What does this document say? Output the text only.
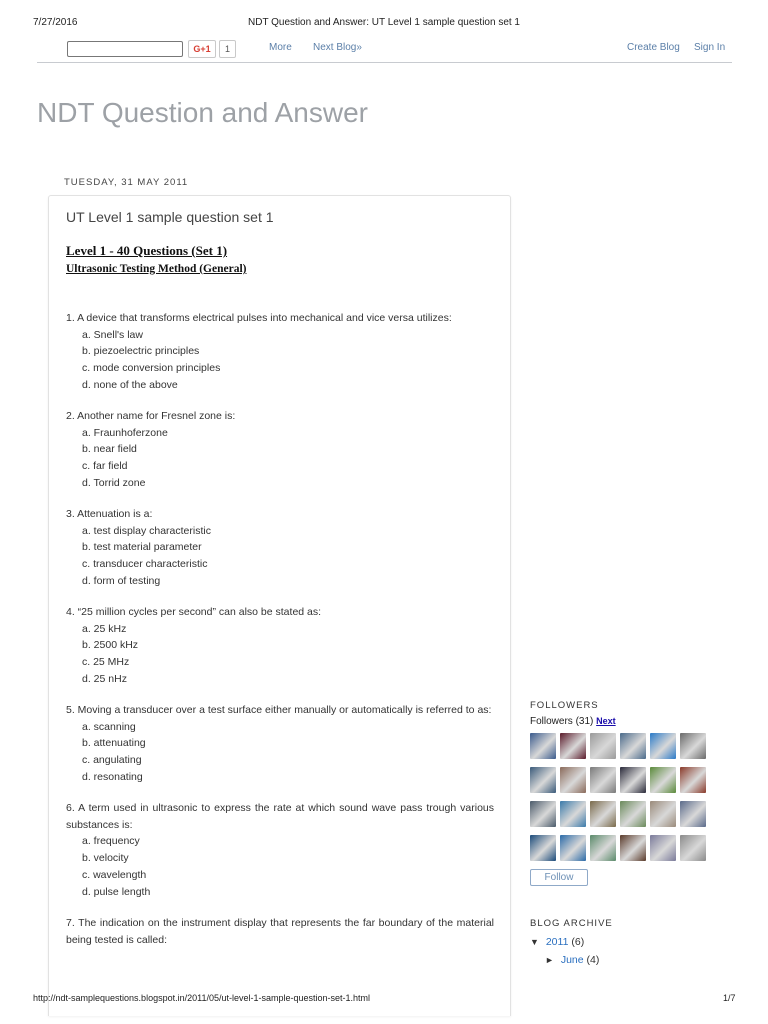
7/27/2016	NDT Question and Answer: UT Level 1 sample question set 1
G+1	1	More Next Blog»	Create Blog Sign In
NDT Question and Answer
TUESDAY, 31 MAY 2011
UT Level 1 sample question set 1

Level 1 - 40 Questions (Set 1)

Ultrasonic Testing Method (General)

1. A device that transforms electrical pulses into mechanical and vice versa utilizes:
a. Snell's law
b. piezoelectric principles
c. mode conversion principles
d. none of the above
2. Another name for Fresnel zone is:
a. Fraunhoferzone
b. near field
c. far field
d. Torrid zone
3. Attenuation is a:
a. test display characteristic
b. test material parameter
c. transducer characteristic
d. form of testing
4. “25 million cycles per second” can also be stated as:
a. 25 kHz
b. 2500 kHz
c. 25 MHz
d. 25 nHz
5. Moving a transducer over a test surface either manually or automatically is referred to as:
a. scanning
b. attenuating
c. angulating
d. resonating
6. A term used in ultrasonic to express the rate at which sound wave pass trough various substances is:
a. frequency
b. velocity
c. wavelength
d. pulse length
7. The indication on the instrument display that represents the far boundary of the material being tested is called:
FOLLOWERS
Followers (31) Next
Follow
BLOG ARCHIVE
▼ 2011 (6)
► June (4)
http://ndt-samplequestions.blogspot.in/2011/05/ut-level-1-sample-question-set-1.html	1/7
